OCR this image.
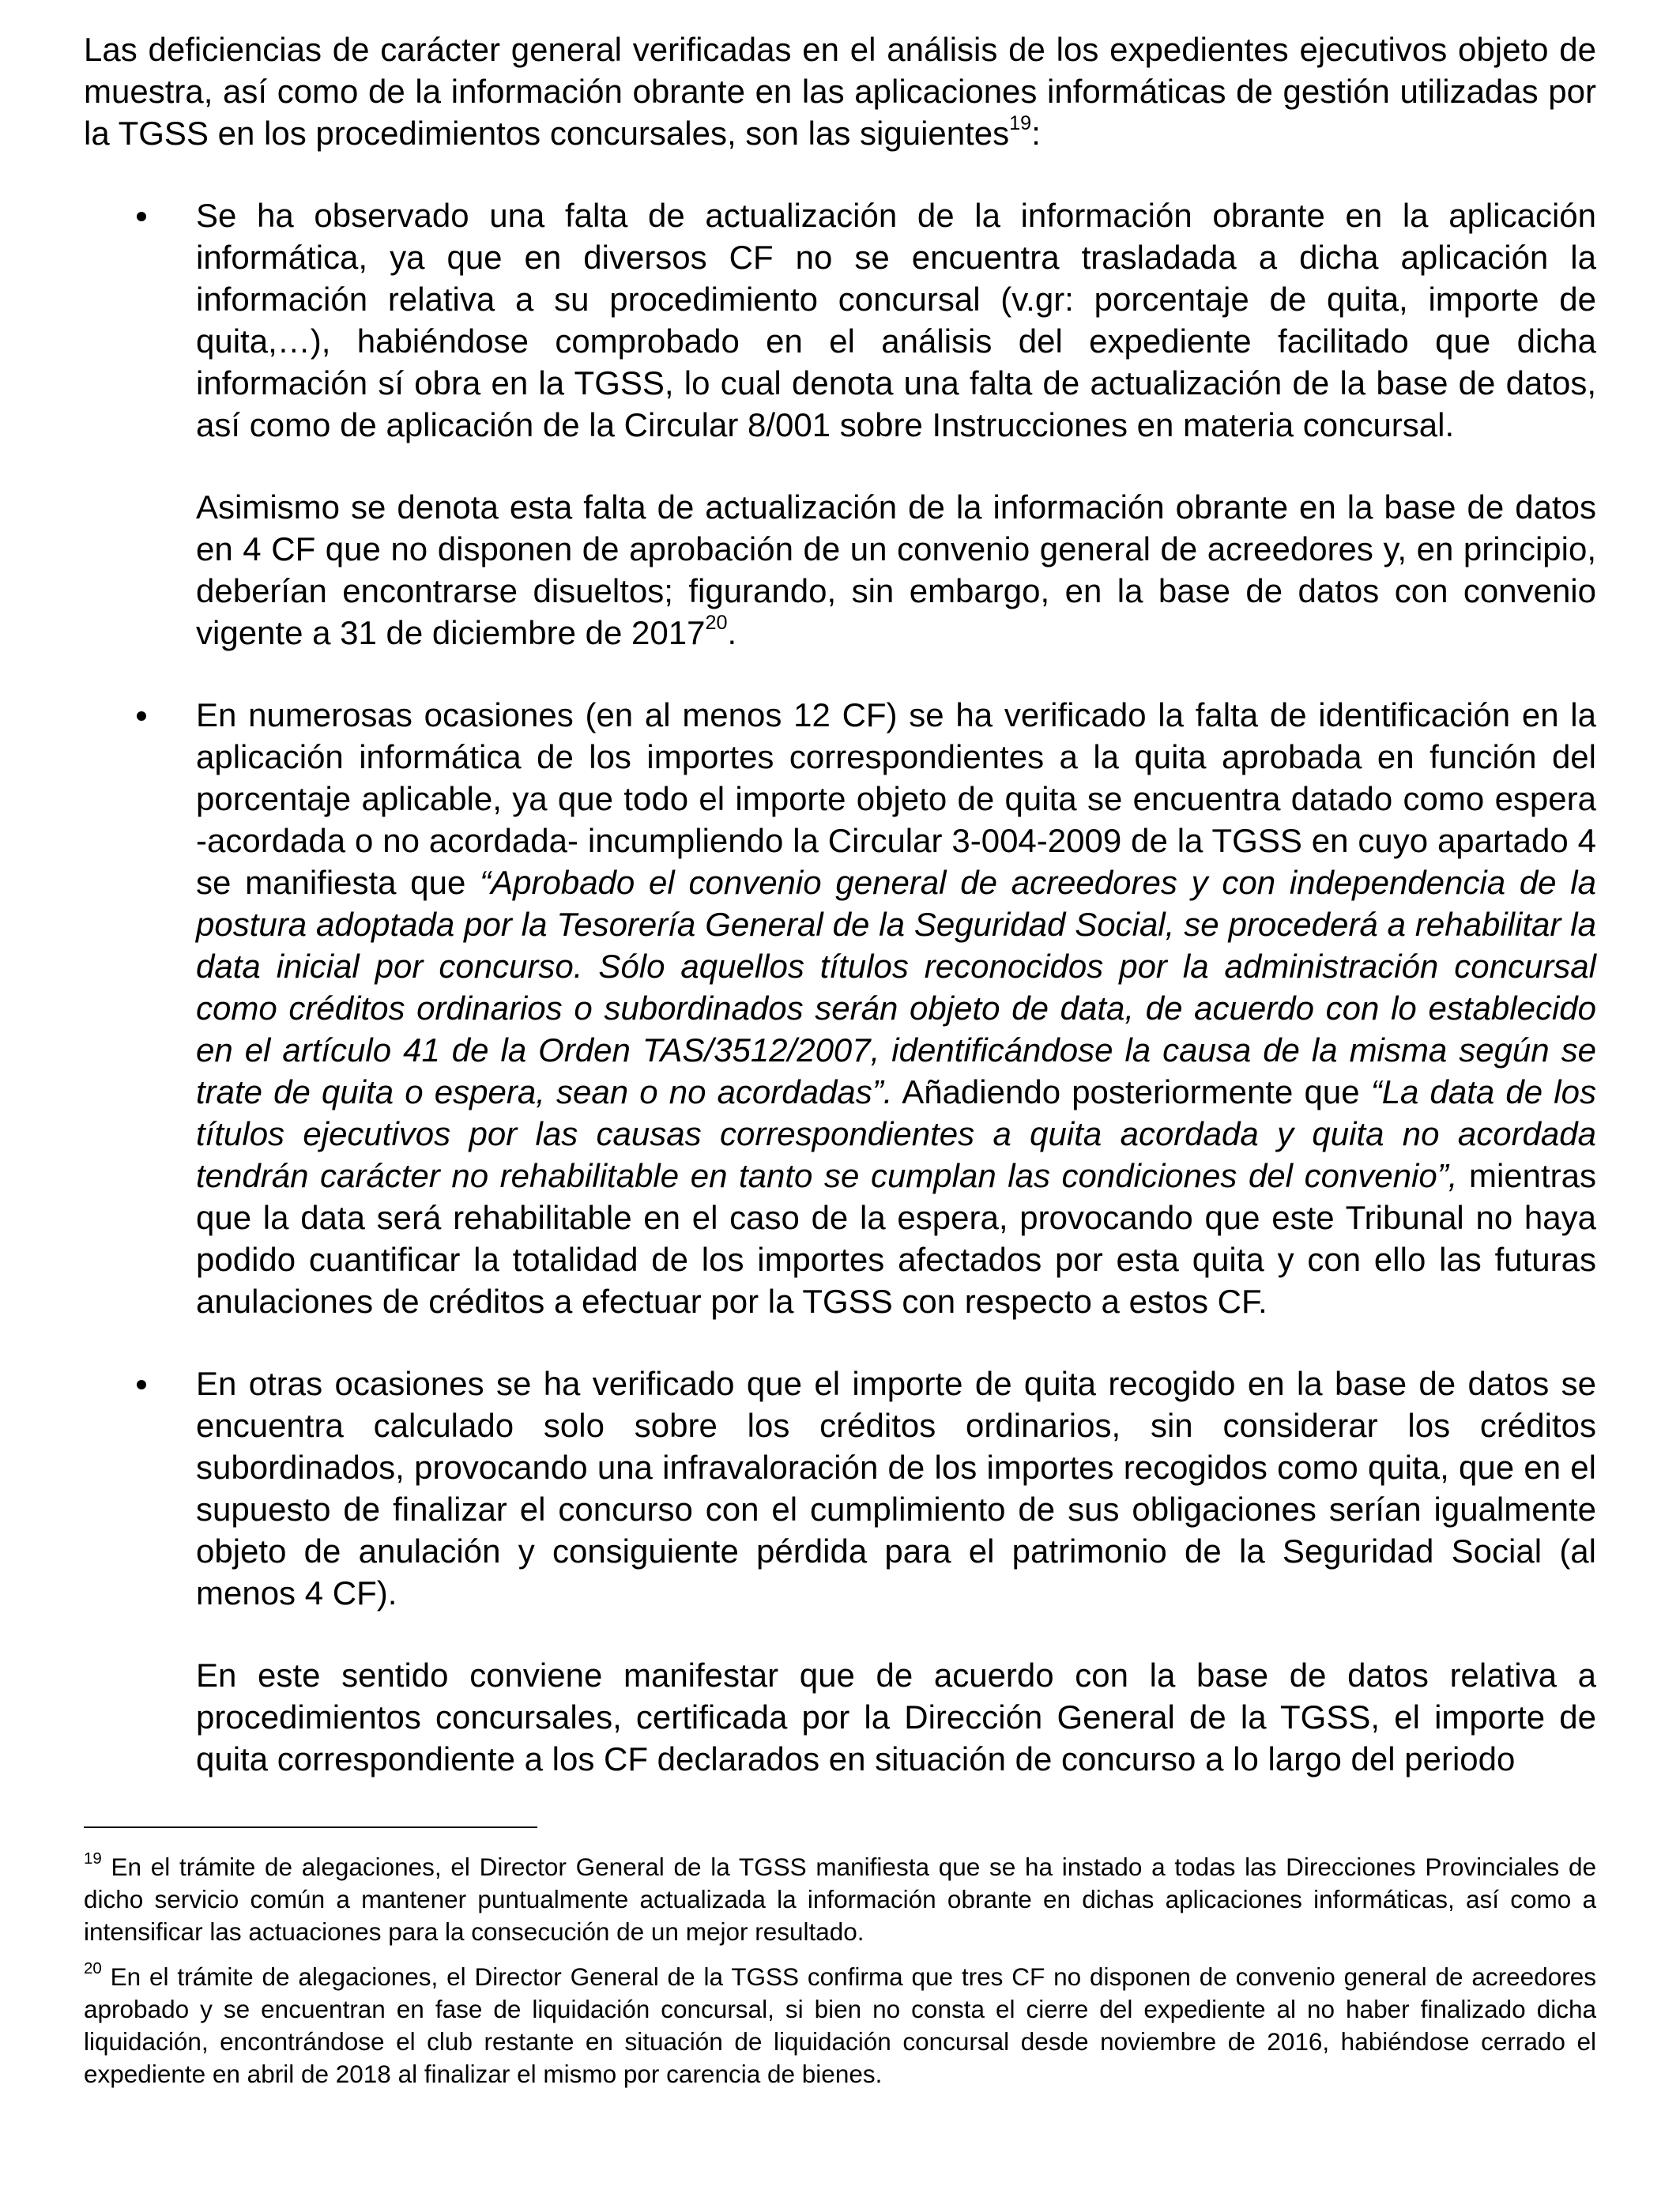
Las deficiencias de carácter general verificadas en el análisis de los expedientes ejecutivos objeto de muestra, así como de la información obrante en las aplicaciones informáticas de gestión utilizadas por la TGSS en los procedimientos concursales, son las siguientes$^{19}$:

Se ha observado una falta de actualización de la información obrante en la aplicación informática, ya que en diversos CF no se encuentra trasladada a dicha aplicación la información relativa a su procedimiento concursal (v.gr: porcentaje de quita, importe de quita,…), habiéndose comprobado en el análisis del expediente facilitado que dicha información sí obra en la TGSS, lo cual denota una falta de actualización de la base de datos, así como de aplicación de la Circular 8/001 sobre Instrucciones en materia concursal.

Asimismo se denota esta falta de actualización de la información obrante en la base de datos en 4 CF que no disponen de aprobación de un convenio general de acreedores y, en principio, deberían encontrarse disueltos; figurando, sin embargo, en la base de datos con convenio vigente a 31 de diciembre de 2017$^{20}$.

En numerosas ocasiones (en al menos 12 CF) se ha verificado la falta de identificación en la aplicación informática de los importes correspondientes a la quita aprobada en función del porcentaje aplicable, ya que todo el importe objeto de quita se encuentra datado como espera -acordada o no acordada- incumpliendo la Circular 3-004-2009 de la TGSS en cuyo apartado 4 se manifiesta que “Aprobado el convenio general de acreedores y con independencia de la postura adoptada por la Tesorería General de la Seguridad Social, se procederá a rehabilitar la data inicial por concurso. Sólo aquellos títulos reconocidos por la administración concursal como créditos ordinarios o subordinados serán objeto de data, de acuerdo con lo establecido en el artículo 41 de la Orden TAS/3512/2007, identificándose la causa de la misma según se trate de quita o espera, sean o no acordadas”. Añadiendo posteriormente que “La data de los títulos ejecutivos por las causas correspondientes a quita acordada y quita no acordada tendrán carácter no rehabilitable en tanto se cumplan las condiciones del convenio”, mientras que la data será rehabilitable en el caso de la espera, provocando que este Tribunal no haya podido cuantificar la totalidad de los importes afectados por esta quita y con ello las futuras anulaciones de créditos a efectuar por la TGSS con respecto a estos CF.

En otras ocasiones se ha verificado que el importe de quita recogido en la base de datos se encuentra calculado solo sobre los créditos ordinarios, sin considerar los créditos subordinados, provocando una infravaloración de los importes recogidos como quita, que en el supuesto de finalizar el concurso con el cumplimiento de sus obligaciones serían igualmente objeto de anulación y consiguiente pérdida para el patrimonio de la Seguridad Social (al menos 4 CF).

En este sentido conviene manifestar que de acuerdo con la base de datos relativa a procedimientos concursales, certificada por la Dirección General de la TGSS, el importe de quita correspondiente a los CF declarados en situación de concurso a lo largo del periodo

$^{19}$ En el trámite de alegaciones, el Director General de la TGSS manifiesta que se ha instado a todas las Direcciones Provinciales de dicho servicio común a mantener puntualmente actualizada la información obrante en dichas aplicaciones informáticas, así como a intensificar las actuaciones para la consecución de un mejor resultado.

$^{20}$ En el trámite de alegaciones, el Director General de la TGSS confirma que tres CF no disponen de convenio general de acreedores aprobado y se encuentran en fase de liquidación concursal, si bien no consta el cierre del expediente al no haber finalizado dicha liquidación, encontrándose el club restante en situación de liquidación concursal desde noviembre de 2016, habiéndose cerrado el expediente en abril de 2018 al finalizar el mismo por carencia de bienes.
